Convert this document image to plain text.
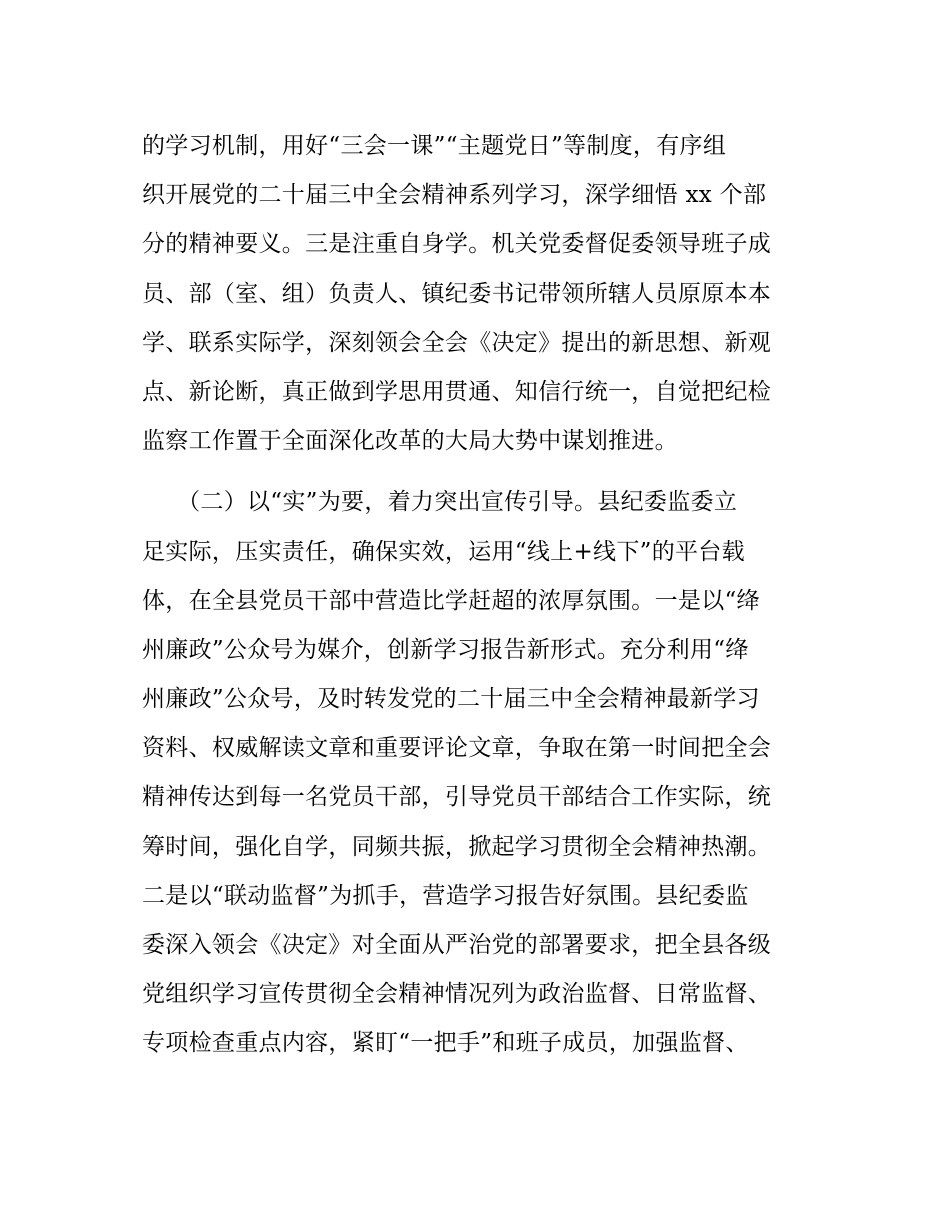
的学习机制，用好“三会一课”“主题党日”等制度，有序组
织开展党的二十届三中全会精神系列学习，深学细悟 xx 个部
分的精神要义。三是注重自身学。机关党委督促委领导班子成
员、部（室、组）负责人、镇纪委书记带领所辖人员原原本本
学、联系实际学，深刻领会全会《决定》提出的新思想、新观
点、新论断，真正做到学思用贯通、知信行统一，自觉把纪检
监察工作置于全面深化改革的大局大势中谋划推进。
　　（二）以“实”为要，着力突出宣传引导。县纪委监委立
足实际，压实责任，确保实效，运用“线上+线下”的平台载
体，在全县党员干部中营造比学赶超的浓厚氛围。一是以“绛
州廉政”公众号为媒介，创新学习报告新形式。充分利用“绛
州廉政”公众号，及时转发党的二十届三中全会精神最新学习
资料、权威解读文章和重要评论文章，争取在第一时间把全会
精神传达到每一名党员干部，引导党员干部结合工作实际，统
筹时间，强化自学，同频共振，掀起学习贯彻全会精神热潮。
二是以“联动监督”为抓手，营造学习报告好氛围。县纪委监
委深入领会《决定》对全面从严治党的部署要求，把全县各级
党组织学习宣传贯彻全会精神情况列为政治监督、日常监督、
专项检查重点内容，紧盯“一把手”和班子成员，加强监督、
